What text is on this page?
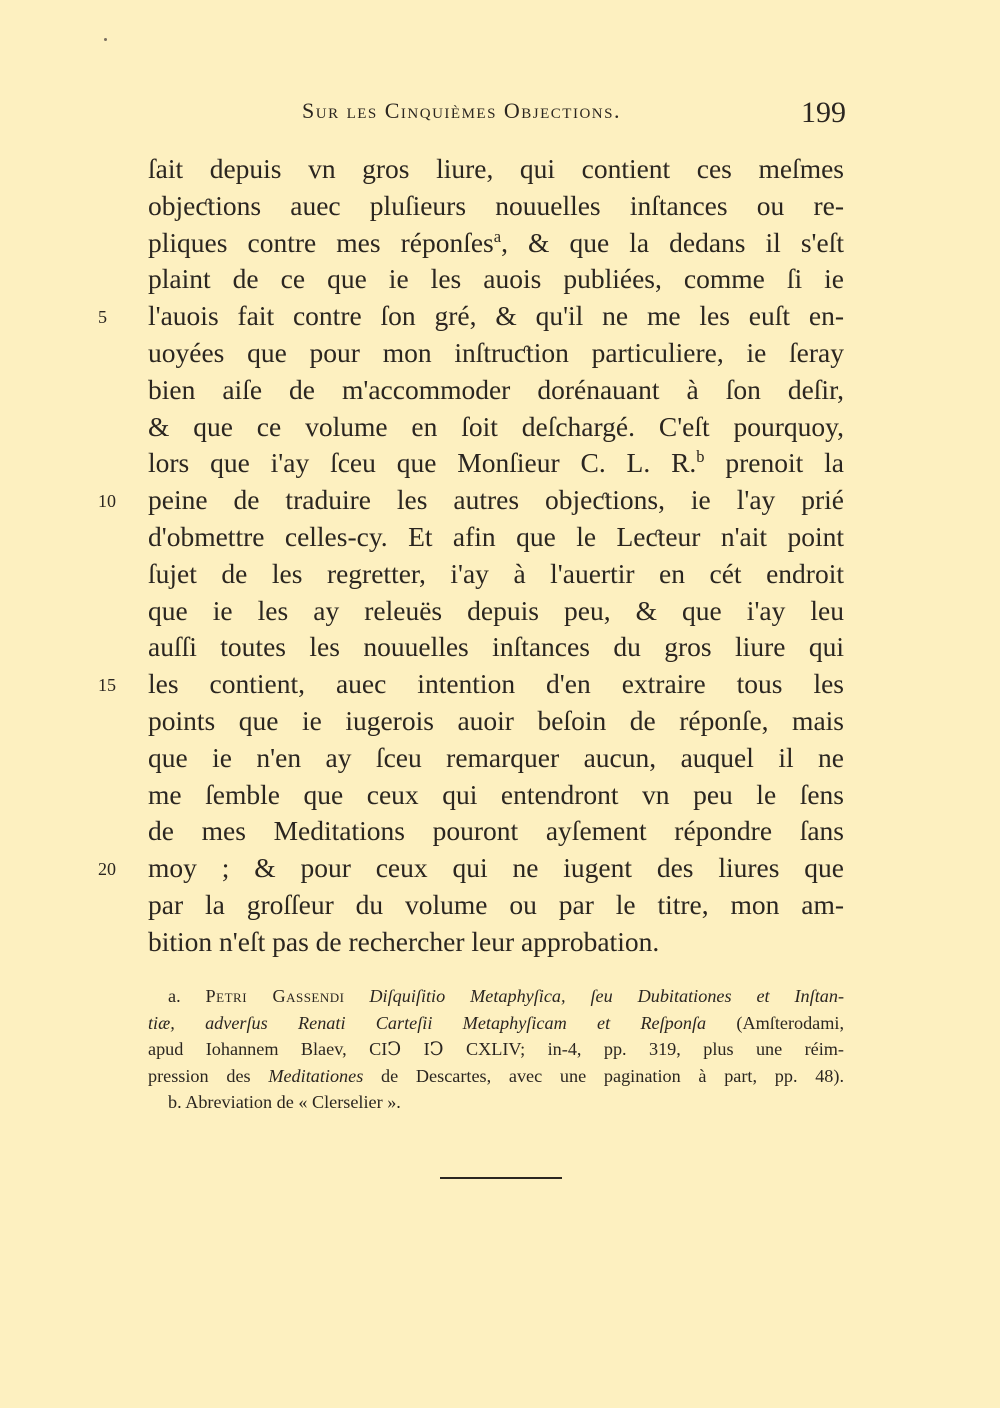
Sur les Cinquièmes Objections.	199
ſait depuis vn gros liure, qui contient ces meſmes
objeƈtions auec pluſieurs nouuelles inſtances ou re-
pliques contre mes réponſes$^a$, & que la dedans il s'eſt
plaint de ce que ie les auois publiées, comme ſi ie
5	l'auois fait contre ſon gré, & qu'il ne me les euſt en-
uoyées que pour mon inſtruƈtion particuliere, ie ſeray
bien aiſe de m'accommoder dorénauant à ſon deſir,
& que ce volume en ſoit deſchargé. C'eſt pourquoy,
lors que i'ay ſceu que Monſieur C. L. R.$^b$ prenoit la
10 peine de traduire les autres objeƈtions, ie l'ay prié
d'obmettre celles-cy. Et afin que le Leƈteur n'ait point
ſujet de les regretter, i'ay à l'auertir en cét endroit
que ie les ay releuës depuis peu, & que i'ay leu
auſſi toutes les nouuelles inſtances du gros liure qui
15 les contient, auec intention d'en extraire tous les
points que ie iugerois auoir beſoin de réponſe, mais
que ie n'en ay ſceu remarquer aucun, auquel il ne
me ſemble que ceux qui entendront vn peu le ſens
de mes Meditations pouront ayſement répondre ſans
20 moy ; & pour ceux qui ne iugent des liures que
par la groſſeur du volume ou par le titre, mon am-
bition n'eſt pas de rechercher leur approbation.
a. Petri Gassendi Diſquiſitio Metaphyſica, ſeu Dubitationes et Inſtan-
tiæ, adverſus Renati Carteſii Metaphyſicam et Reſponſa (Amſterodami,
apud Iohannem Blaev, CIↃ IↃ CXLIV; in-4, pp. 319, plus une réim-
pression des Meditationes de Descartes, avec une pagination à part, pp. 48).
b. Abreviation de « Clerselier ».
